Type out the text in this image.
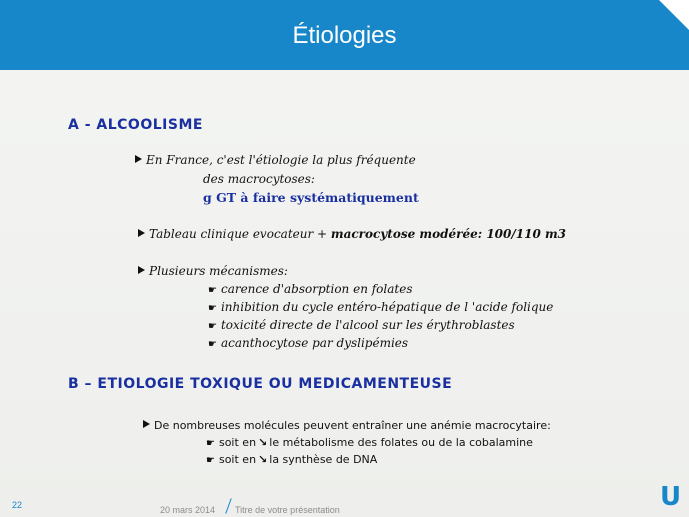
Étiologies
A - ALCOOLISME
En France, c'est l'étiologie la plus fréquente
des macrocytoses:
g GT à faire systématiquement
Tableau clinique evocateur + macrocytose modérée: 100/110 m3
Plusieurs mécanismes:
☛ carence d'absorption en folates
☛ inhibition du cycle entéro-hépatique de l 'acide folique
☛ toxicité directe de l'alcool sur les érythroblastes
☛ acanthocytose par dyslipémies
B – ETIOLOGIE TOXIQUE OU MEDICAMENTEUSE
De nombreuses molécules peuvent entraîner une anémie macrocytaire:
☛ soit en ↘ le métabolisme des folates ou de la cobalamine
☛ soit en ↘ la synthèse de DNA
22	20 mars 2014 Titre de votre présentation	U
